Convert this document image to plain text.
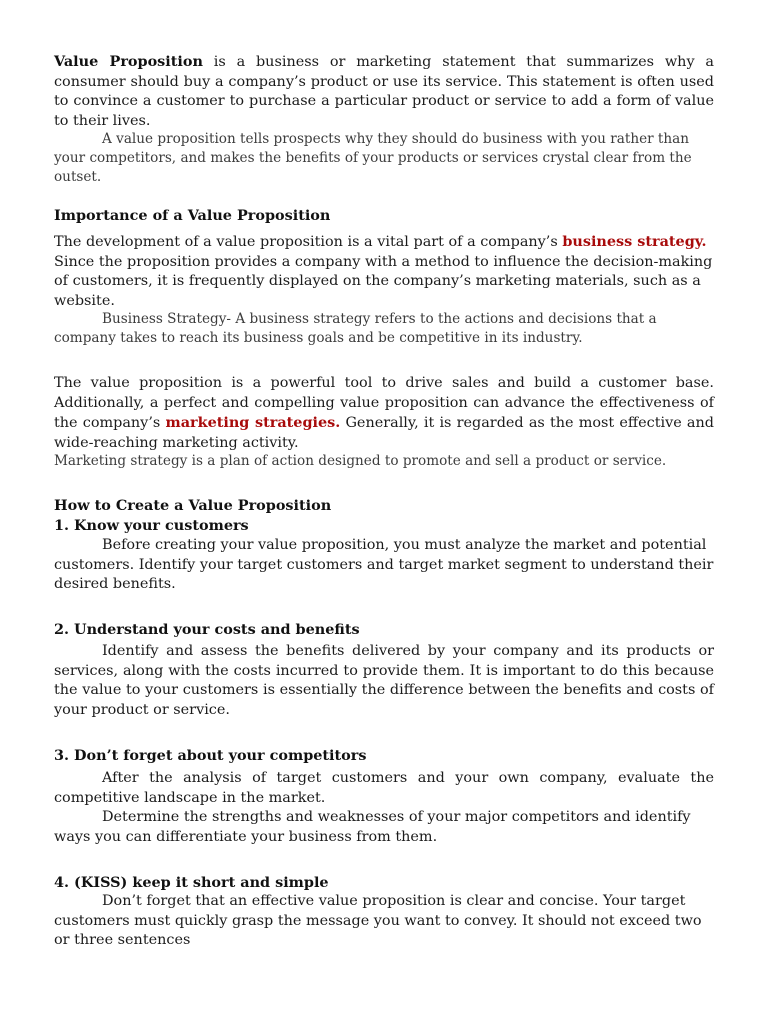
Value Proposition is a business or marketing statement that summarizes why a consumer should buy a company’s product or use its service. This statement is often used to convince a customer to purchase a particular product or service to add a form of value to their lives.

A value proposition tells prospects why they should do business with you rather than your competitors, and makes the benefits of your products or services crystal clear from the outset.

Importance of a Value Proposition

The development of a value proposition is a vital part of a company’s business strategy. Since the proposition provides a company with a method to influence the decision-making of customers, it is frequently displayed on the company’s marketing materials, such as a website.

Business Strategy- A business strategy refers to the actions and decisions that a company takes to reach its business goals and be competitive in its industry.

The value proposition is a powerful tool to drive sales and build a customer base. Additionally, a perfect and compelling value proposition can advance the effectiveness of the company’s marketing strategies. Generally, it is regarded as the most effective and wide-reaching marketing activity.

Marketing strategy is a plan of action designed to promote and sell a product or service.

How to Create a Value Proposition

1. Know your customers

Before creating your value proposition, you must analyze the market and potential customers. Identify your target customers and target market segment to understand their desired benefits.

2. Understand your costs and benefits

Identify and assess the benefits delivered by your company and its products or services, along with the costs incurred to provide them. It is important to do this because the value to your customers is essentially the difference between the benefits and costs of your product or service.

3. Don’t forget about your competitors

After the analysis of target customers and your own company, evaluate the competitive landscape in the market.

Determine the strengths and weaknesses of your major competitors and identify ways you can differentiate your business from them.

4. (KISS) keep it short and simple

Don’t forget that an effective value proposition is clear and concise. Your target customers must quickly grasp the message you want to convey. It should not exceed two or three sentences
